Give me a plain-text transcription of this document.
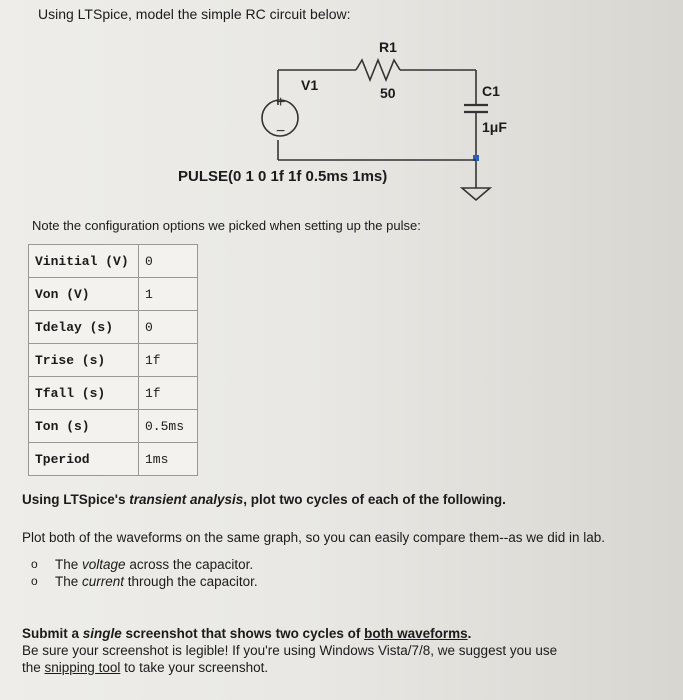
Using LTSpice, model the simple RC circuit below:
+
−
R1
50
V1	C1
1μF
PULSE(0 1 0 1f 1f 0.5ms 1ms)
Note the configuration options we picked when setting up the pulse:
Vinitial (V)	0
Von (V)	1
Tdelay (s)	0
Trise (s)	1f
Tfall (s)	1f
Ton (s)	0.5ms
Tperiod	1ms
Using LTSpice's transient analysis, plot two cycles of each of the following.
Plot both of the waveforms on the same graph, so you can easily compare them--as we did in lab.
o The voltage across the capacitor.
o The current through the capacitor.
Submit a single screenshot that shows two cycles of both waveforms.
Be sure your screenshot is legible! If you're using Windows Vista/7/8, we suggest you use
the snipping tool to take your screenshot.
